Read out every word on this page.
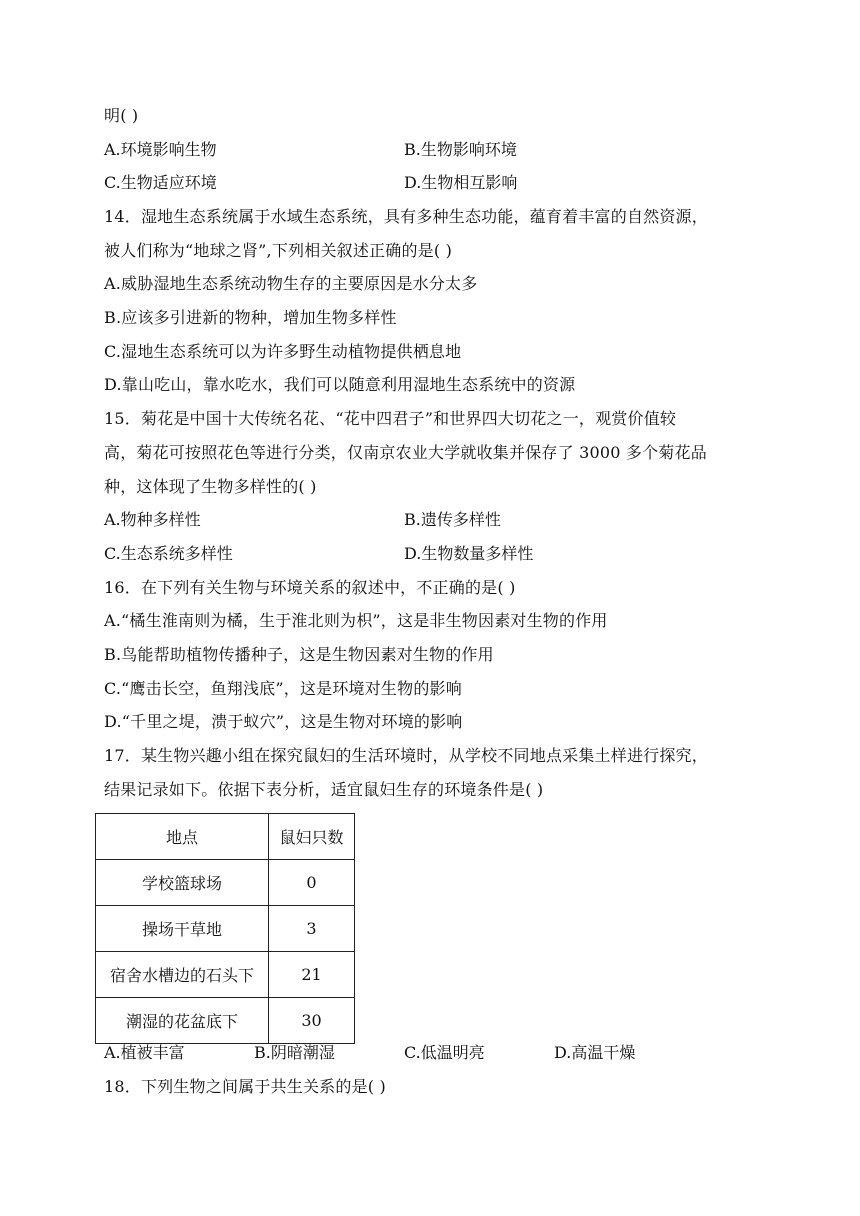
明( )
A.环境影响生物	B.生物影响环境
C.生物适应环境	D.生物相互影响
14．湿地生态系统属于水域生态系统，具有多种生态功能，蕴育着丰富的自然资源，
被人们称为“地球之肾”,下列相关叙述正确的是( )
A.威胁湿地生态系统动物生存的主要原因是水分太多
B.应该多引进新的物种，增加生物多样性
C.湿地生态系统可以为许多野生动植物提供栖息地
D.靠山吃山，靠水吃水，我们可以随意利用湿地生态系统中的资源
15．菊花是中国十大传统名花、“花中四君子”和世界四大切花之一，观赏价值较
高，菊花可按照花色等进行分类，仅南京农业大学就收集并保存了 3000 多个菊花品
种，这体现了生物多样性的( )
A.物种多样性	B.遗传多样性
C.生态系统多样性	D.生物数量多样性
16．在下列有关生物与环境关系的叙述中，不正确的是( )
A.“橘生淮南则为橘，生于淮北则为枳”，这是非生物因素对生物的作用
B.鸟能帮助植物传播种子，这是生物因素对生物的作用
C.“鹰击长空，鱼翔浅底”，这是环境对生物的影响
D.“千里之堤，溃于蚁穴”，这是生物对环境的影响
17．某生物兴趣小组在探究鼠妇的生活环境时，从学校不同地点采集土样进行探究，
结果记录如下。依据下表分析，适宜鼠妇生存的环境条件是( )
地点	鼠妇只数
学校篮球场	0
操场干草地	3
宿舍水槽边的石头下	21
潮湿的花盆底下	30
A.植被丰富	B.阴暗潮湿	C.低温明亮	D.高温干燥
18．下列生物之间属于共生关系的是( )
